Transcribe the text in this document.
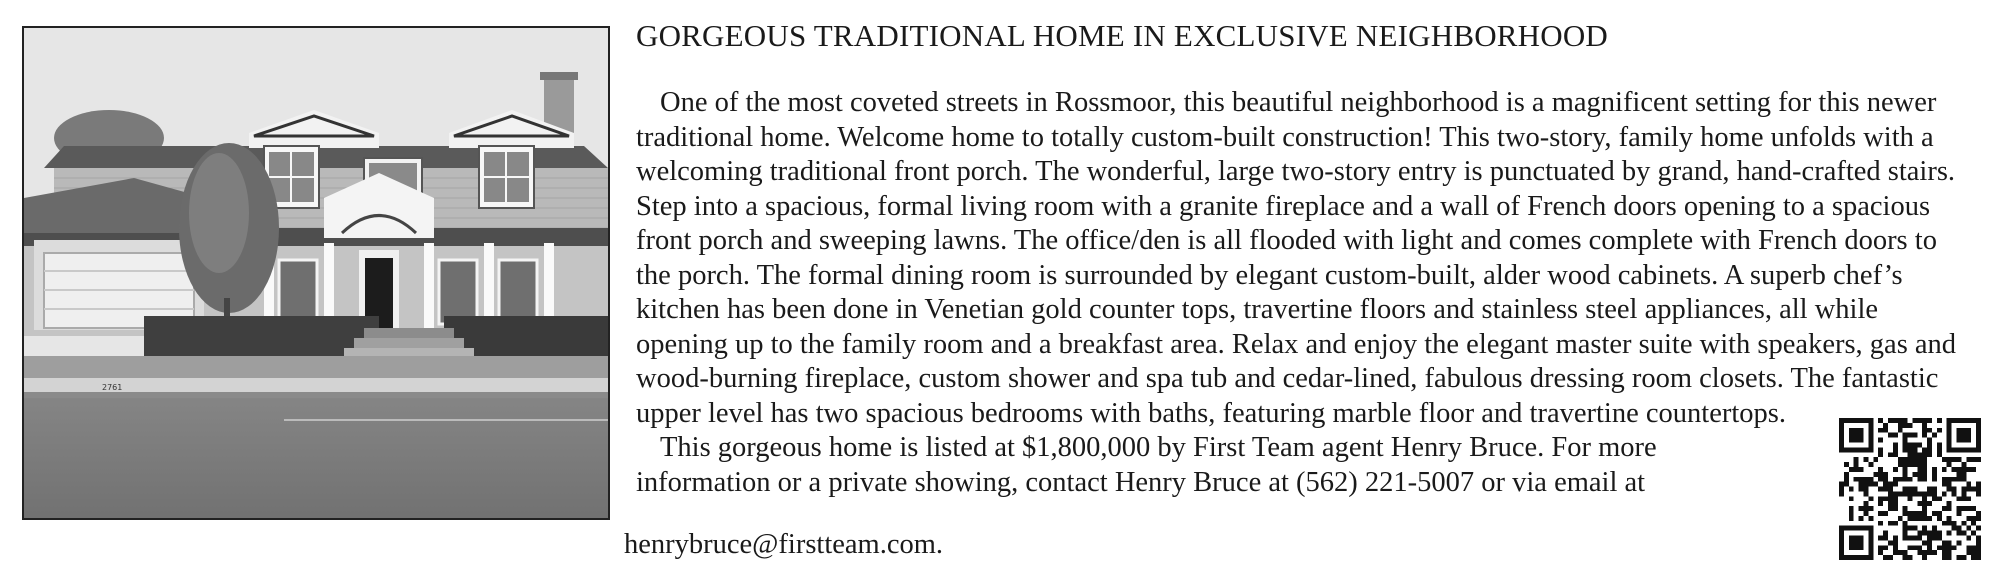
2761
GORGEOUS TRADITIONAL HOME IN EXCLUSIVE NEIGHBORHOOD

One of the most coveted streets in Rossmoor, this beautiful neighborhood is a magnificent setting for this newer traditional home. Welcome home to totally custom-built construction! This two-story, family home unfolds with a welcoming traditional front porch. The wonderful, large two-story entry is punctuated by grand, hand-crafted stairs. Step into a spacious, formal living room with a granite fireplace and a wall of French doors opening to a spacious front porch and sweeping lawns. The office/den is all flooded with light and comes complete with French doors to the porch. The formal dining room is surrounded by elegant custom-built, alder wood cabinets. A superb chef’s kitchen has been done in Venetian gold counter tops, travertine floors and stainless steel appliances, all while opening up to the family room and a breakfast area. Relax and enjoy the elegant master suite with speakers, gas and wood-burning fireplace, custom shower and spa tub and cedar-lined, fabulous dressing room closets. The fantastic upper level has two spacious bedrooms with baths, featuring marble floor and travertine countertops.

This gorgeous home is listed at $1,800,000 by First Team agent Henry Bruce. For more information or a private showing, contact Henry Bruce at (562) 221-5007 or via email at

henrybruce@firstteam.com.
